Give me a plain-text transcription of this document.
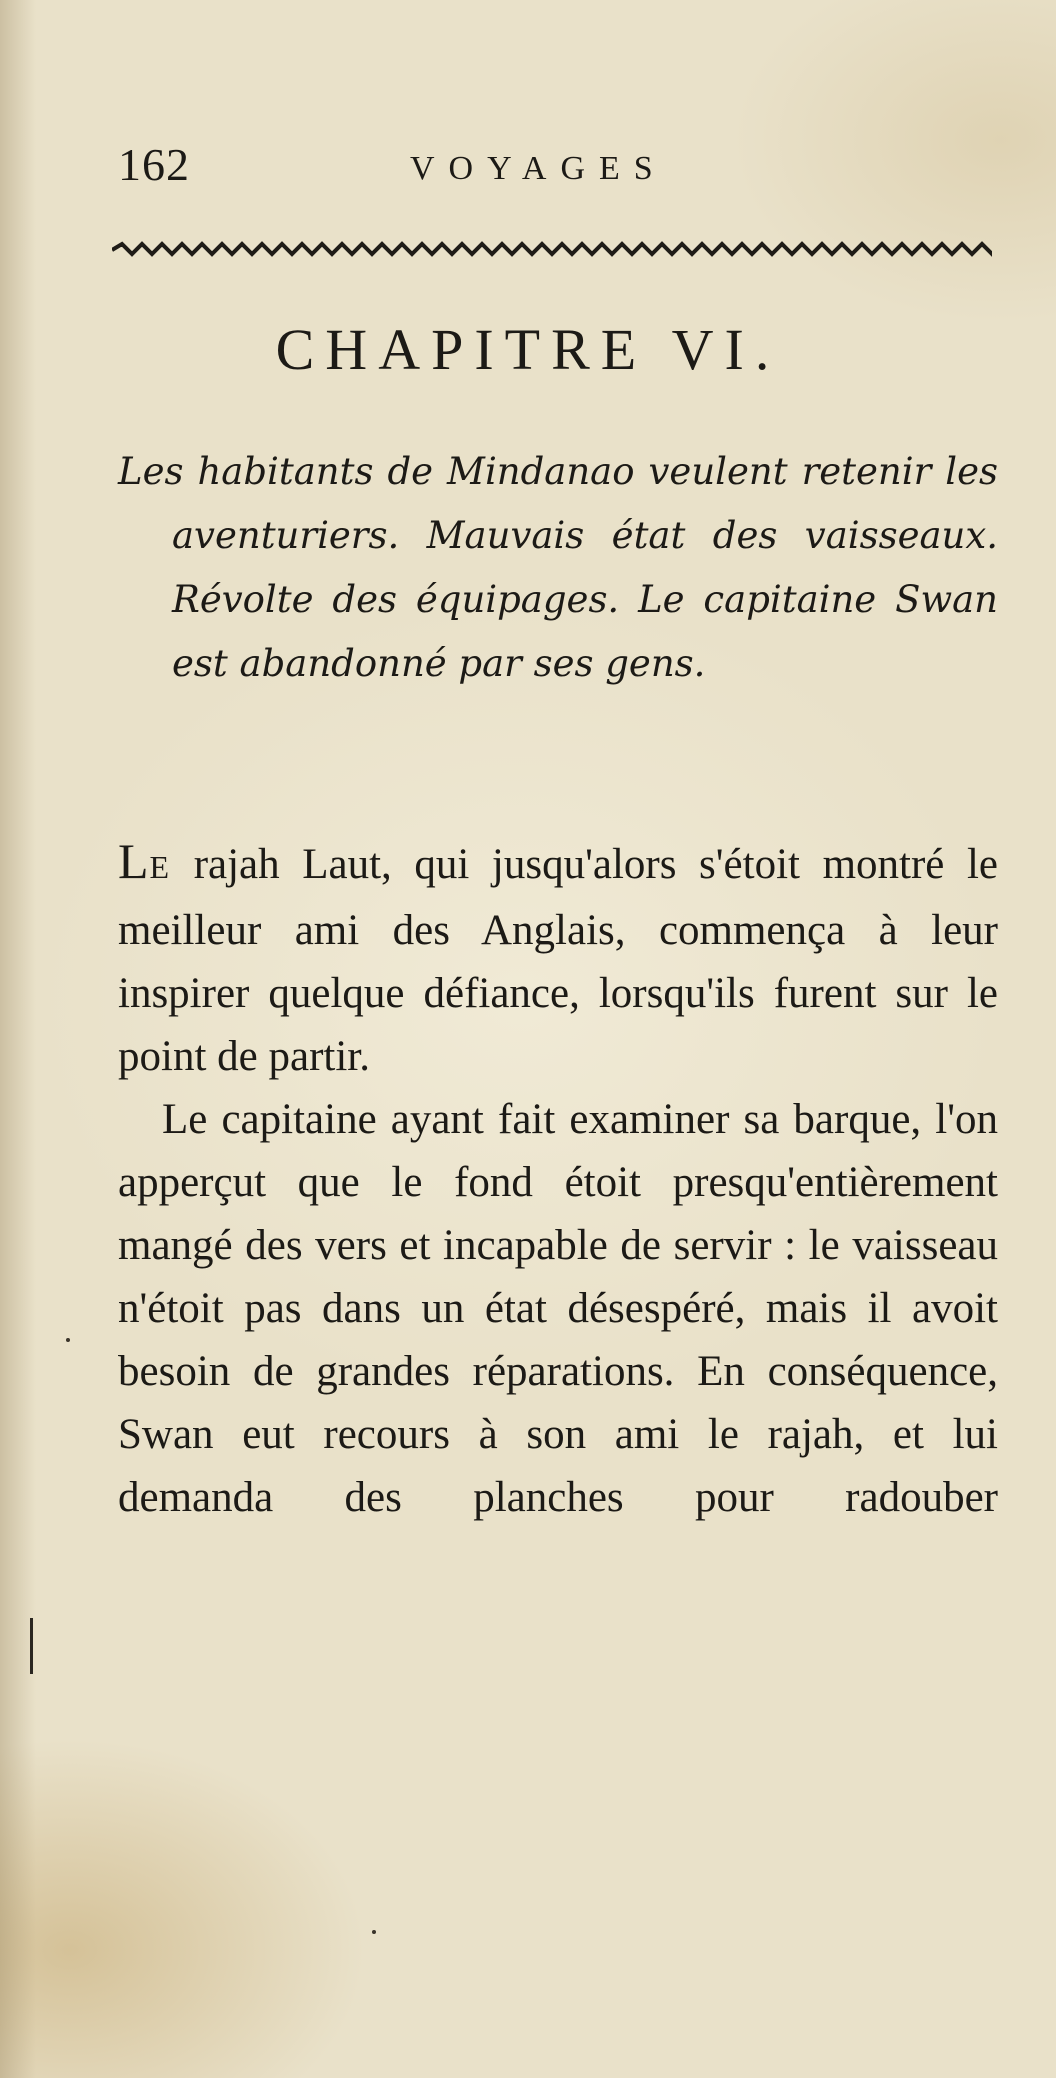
162	VOYAGES
CHAPITRE VI.
Les habitants de Mindanao veulent retenir les aventuriers. Mauvais état des vaisseaux. Révolte des équipages. Le capitaine Swan est abandonné par ses gens.

LE rajah Laut, qui jusqu'alors s'étoit montré le meilleur ami des Anglais, commença à leur inspirer quelque défiance, lorsqu'ils furent sur le point de partir.

Le capitaine ayant fait examiner sa barque, l'on apperçut que le fond étoit presqu'entièrement mangé des vers et incapable de servir : le vaisseau n'étoit pas dans un état désespéré, mais il avoit besoin de grandes réparations. En conséquence, Swan eut recours à son ami le rajah, et lui demanda des planches pour radouber
